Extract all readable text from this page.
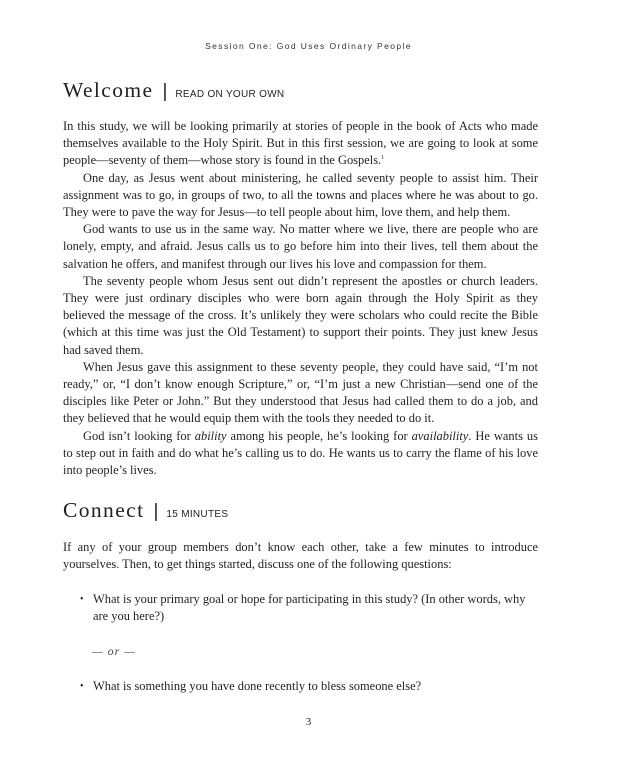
Session One: God Uses Ordinary People
Welcome | READ ON YOUR OWN

In this study, we will be looking primarily at stories of people in the book of Acts who made themselves available to the Holy Spirit. But in this first session, we are going to look at some people—seventy of them—whose story is found in the Gospels.$^1$

One day, as Jesus went about ministering, he called seventy people to assist him. Their assignment was to go, in groups of two, to all the towns and places where he was about to go. They were to pave the way for Jesus—to tell people about him, love them, and help them.

God wants to use us in the same way. No matter where we live, there are people who are lonely, empty, and afraid. Jesus calls us to go before him into their lives, tell them about the salvation he offers, and manifest through our lives his love and compassion for them.

The seventy people whom Jesus sent out didn’t represent the apostles or church leaders. They were just ordinary disciples who were born again through the Holy Spirit as they believed the message of the cross. It’s unlikely they were scholars who could recite the Bible (which at this time was just the Old Testament) to support their points. They just knew Jesus had saved them.

When Jesus gave this assignment to these seventy people, they could have said, “I’m not ready,” or, “I don’t know enough Scripture,” or, “I’m just a new Christian—send one of the disciples like Peter or John.” But they understood that Jesus had called them to do a job, and they believed that he would equip them with the tools they needed to do it.

God isn’t looking for ability among his people, he’s looking for availability. He wants us to step out in faith and do what he’s calling us to do. He wants us to carry the flame of his love into people’s lives.

Connect | 15 MINUTES

If any of your group members don’t know each other, take a few minutes to introduce yourselves. Then, to get things started, discuss one of the following questions:

• What is your primary goal or hope for participating in this study? (In other words, why are you here?)
— or —
• What is something you have done recently to bless someone else?
3
